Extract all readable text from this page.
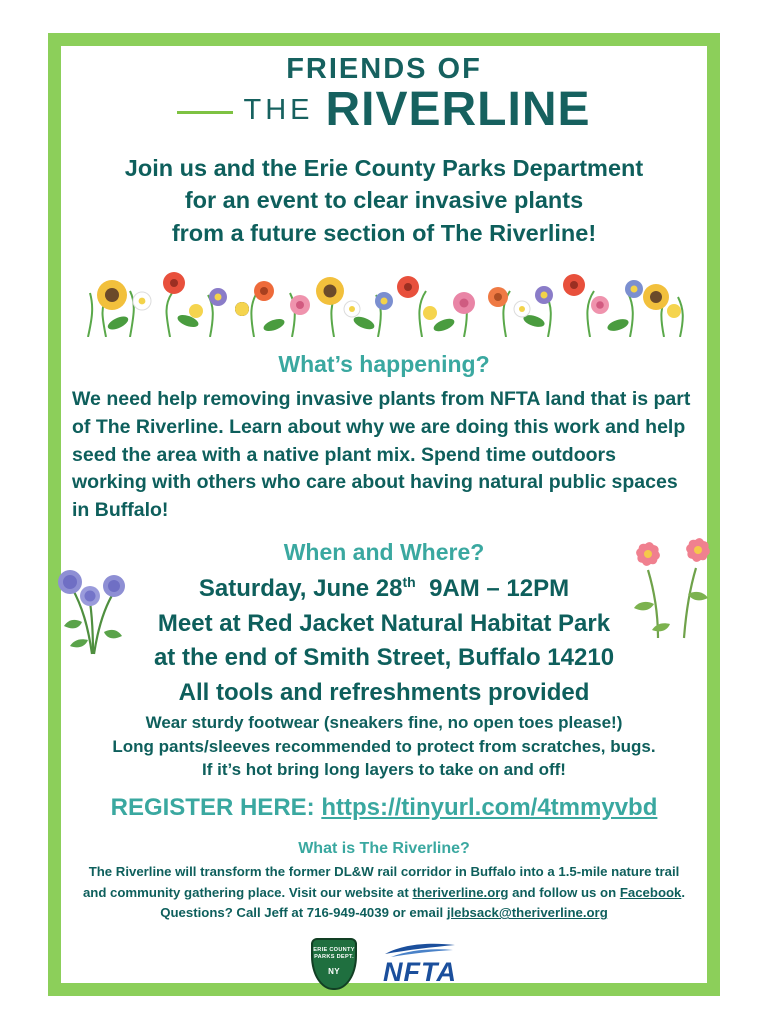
FRIENDS OF
THE RIVERLINE
Join us and the Erie County Parks Department
for an event to clear invasive plants
from a future section of The Riverline!
What’s happening?
We need help removing invasive plants from NFTA land that is part of The Riverline. Learn about why we are doing this work and help seed the area with a native plant mix. Spend time outdoors working with others who care about having natural public spaces in Buffalo!
When and Where?
Saturday, June 28th 9AM – 12PM
Meet at Red Jacket Natural Habitat Park
at the end of Smith Street, Buffalo 14210
All tools and refreshments provided
Wear sturdy footwear (sneakers fine, no open toes please!)
Long pants/sleeves recommended to protect from scratches, bugs.
If it’s hot bring long layers to take on and off!
REGISTER HERE: https://tinyurl.com/4tmmyvbd
What is The Riverline?
The Riverline will transform the former DL&W rail corridor in Buffalo into a 1.5-mile nature trail
and community gathering place. Visit our website at theriverline.org and follow us on Facebook.
Questions? Call Jeff at 716-949-4039 or email jlebsack@theriverline.org
ERIE COUNTY
PARKS DEPT.
NY	NFTA
